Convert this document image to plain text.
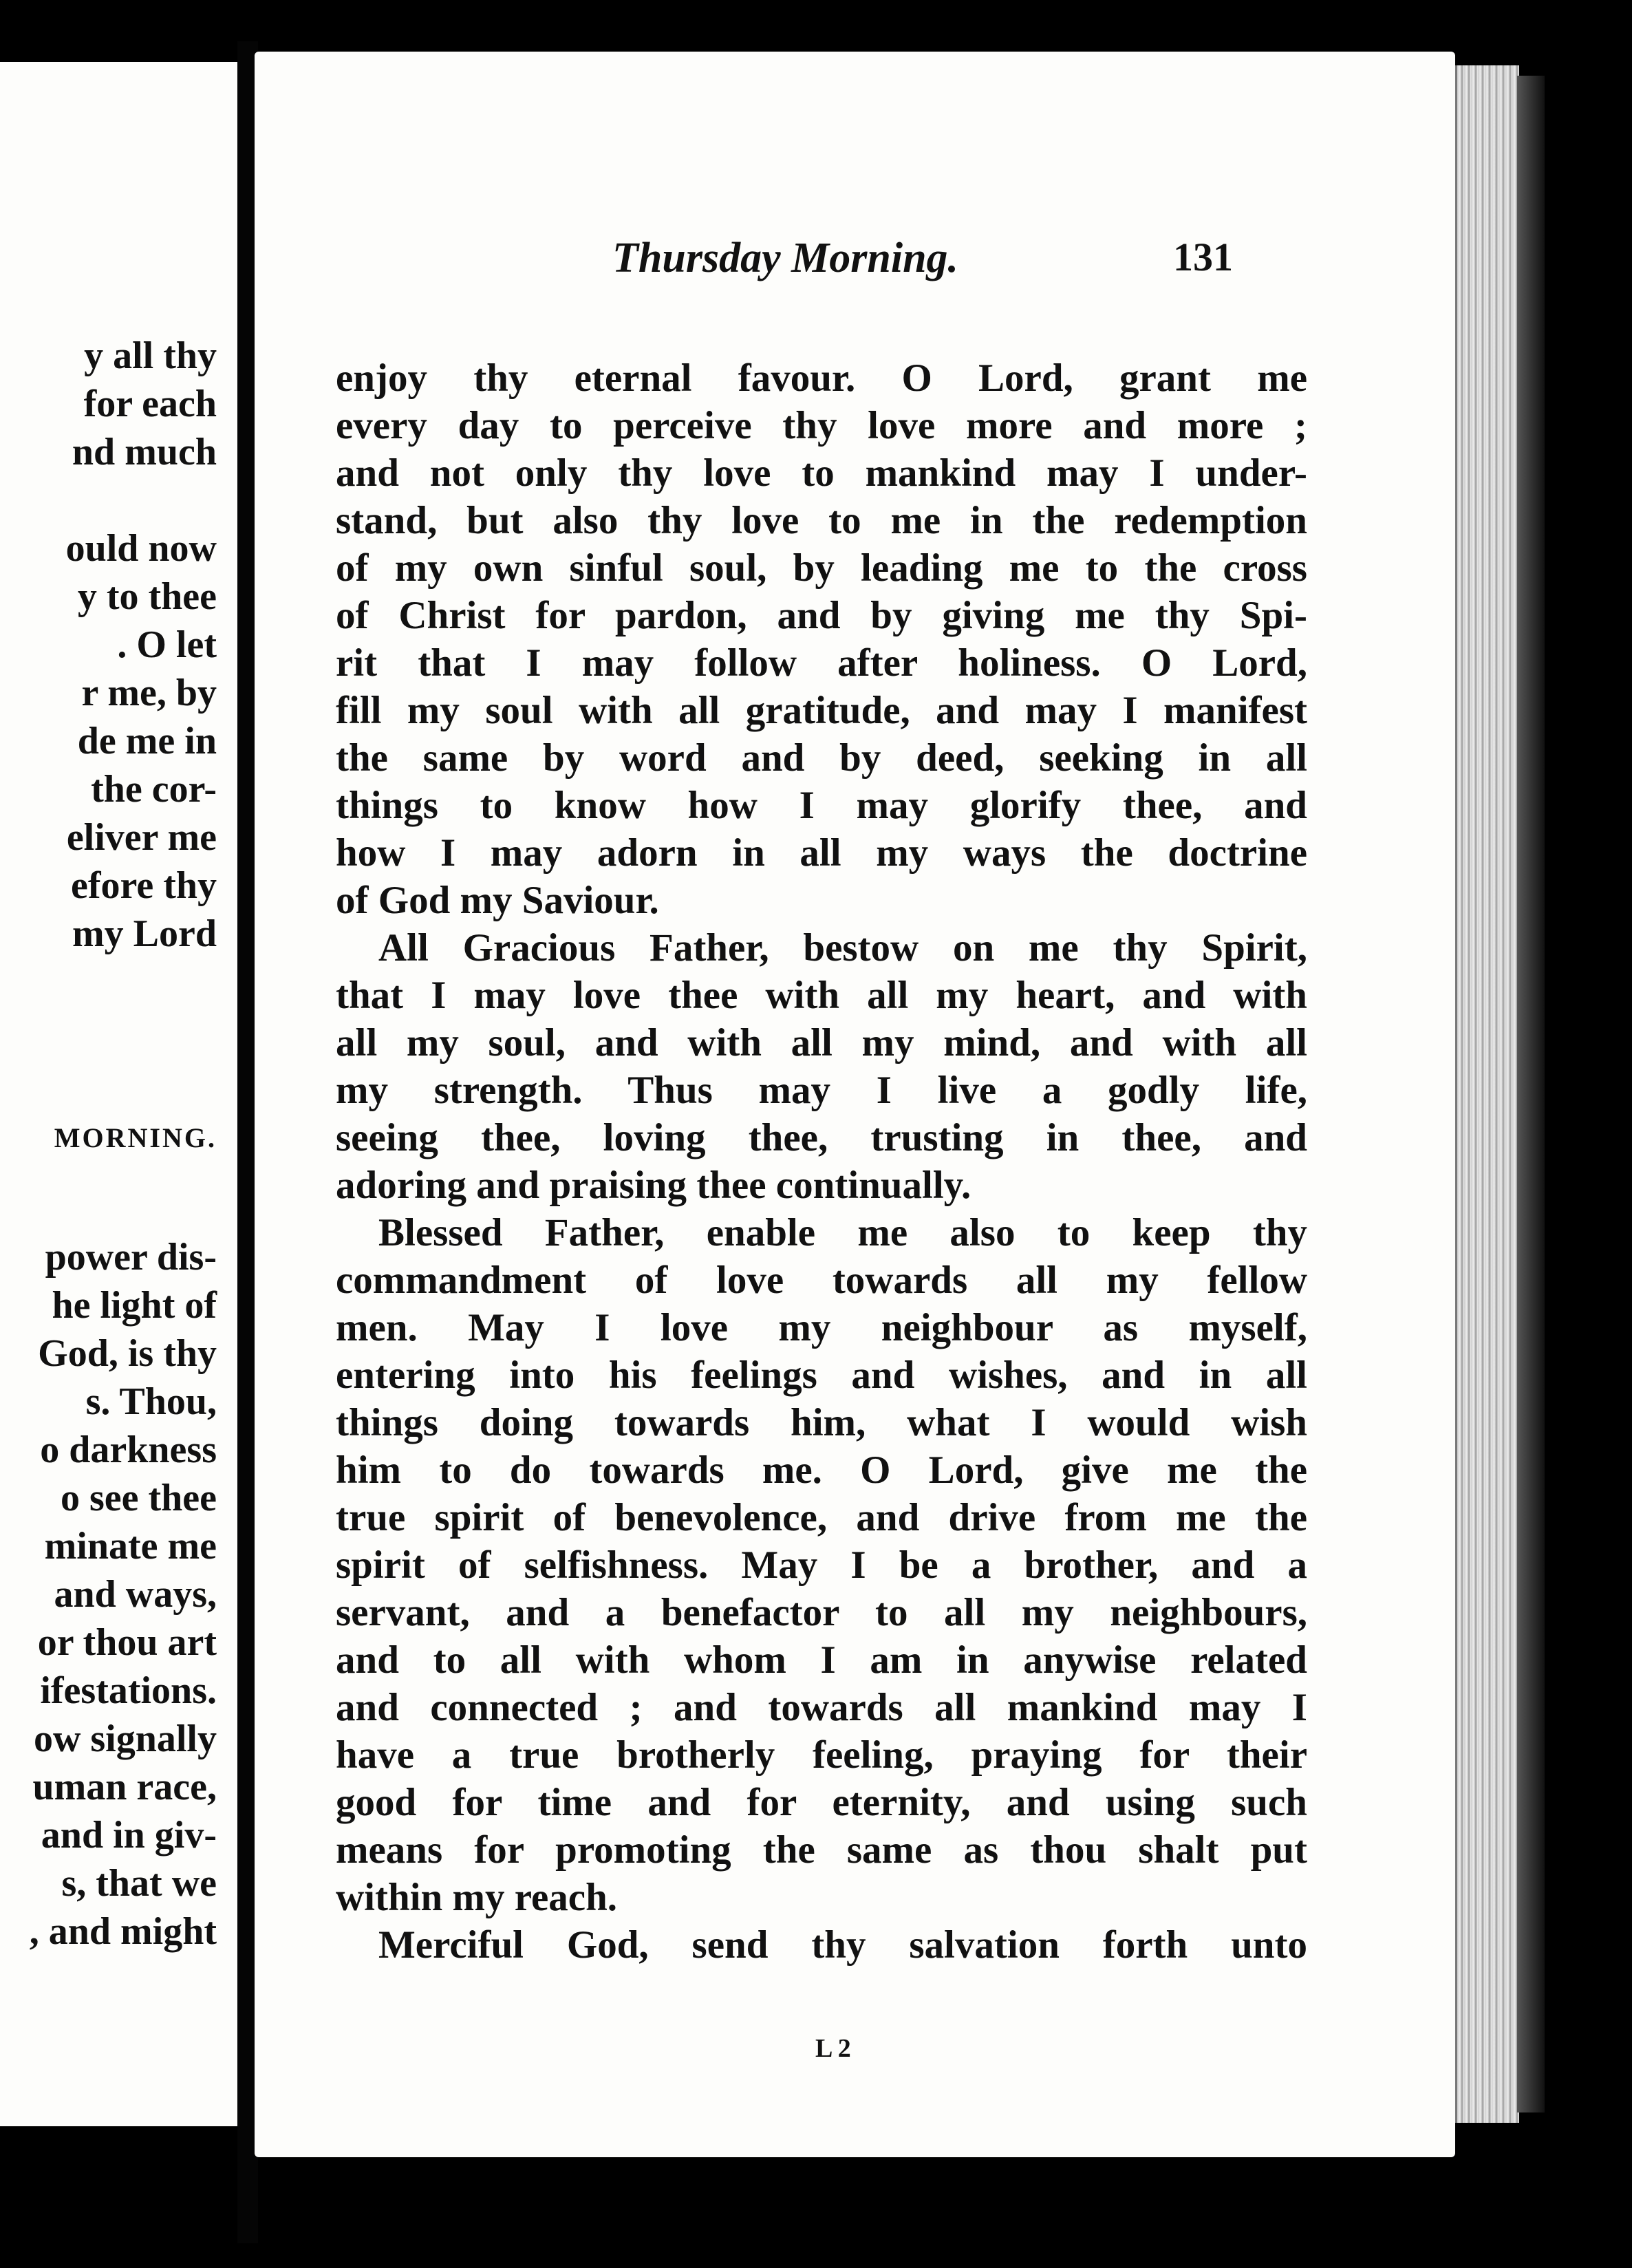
y all thy
for each
nd much
ould now
y to thee
. O let
r me, by
de me in
the cor-
eliver me
efore thy
my Lord
MORNING.
power dis-
he light of
God, is thy
s. Thou,
o darkness
o see thee
minate me
and ways,
or thou art
ifestations.
ow signally
uman race,
and in giv-
s, that we
, and might
Thursday Morning.	131
enjoy thy eternal favour. O Lord, grant me
every day to perceive thy love more and more ;
and not only thy love to mankind may I under-
stand, but also thy love to me in the redemption
of my own sinful soul, by leading me to the cross
of Christ for pardon, and by giving me thy Spi-
rit that I may follow after holiness. O Lord,
fill my soul with all gratitude, and may I manifest
the same by word and by deed, seeking in all
things to know how I may glorify thee, and
how I may adorn in all my ways the doctrine
of God my Saviour.
All Gracious Father, bestow on me thy Spirit,
that I may love thee with all my heart, and with
all my soul, and with all my mind, and with all
my strength. Thus may I live a godly life,
seeing thee, loving thee, trusting in thee, and
adoring and praising thee continually.
Blessed Father, enable me also to keep thy
commandment of love towards all my fellow
men. May I love my neighbour as myself,
entering into his feelings and wishes, and in all
things doing towards him, what I would wish
him to do towards me. O Lord, give me the
true spirit of benevolence, and drive from me the
spirit of selfishness. May I be a brother, and a
servant, and a benefactor to all my neighbours,
and to all with whom I am in anywise related
and connected ; and towards all mankind may I
have a true brotherly feeling, praying for their
good for time and for eternity, and using such
means for promoting the same as thou shalt put
within my reach.
Merciful God, send thy salvation forth unto
L 2
